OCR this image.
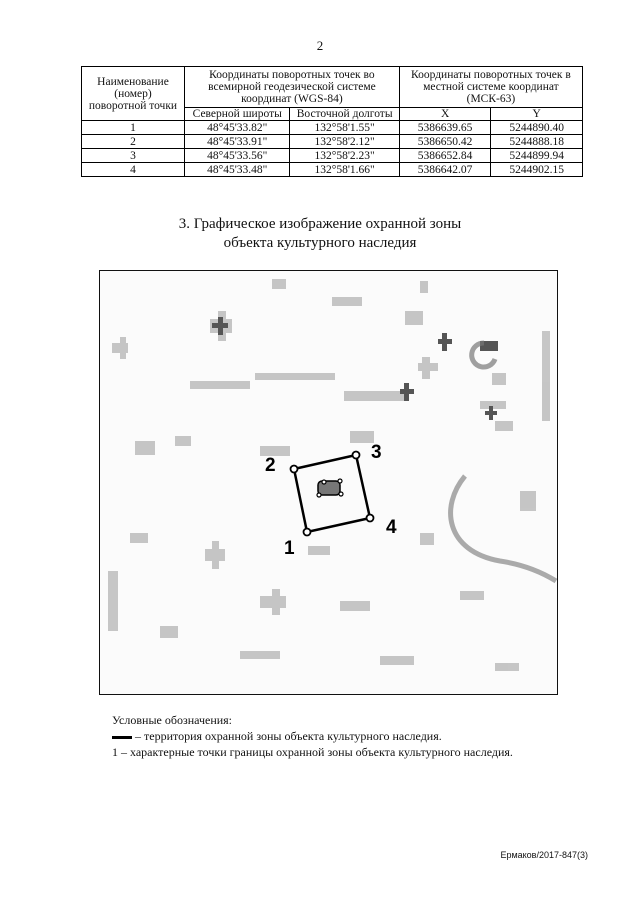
2
Наименование (номер) поворотной точки	Координаты поворотных точек во всемирной геодезической системе координат (WGS-84)		Координаты поворотных точек в местной системе координат (МСК-63)	
	Северной широты	Восточной долготы	X	Y
1	48°45'33.82"	132°58'1.55"	5386639.65	5244890.40
2	48°45'33.91"	132°58'2.12"	5386650.42	5244888.18
3	48°45'33.56"	132°58'2.23"	5386652.84	5244899.94
4	48°45'33.48"	132°58'1.66"	5386642.07	5244902.15
3. Графическое изображение охранной зоны
объекта культурного наследия
1
2
3
4
Условные обозначения:
– территория охранной зоны объекта культурного наследия.
1 – характерные точки границы охранной зоны объекта культурного наследия.
Ермаков/2017-847(3)
